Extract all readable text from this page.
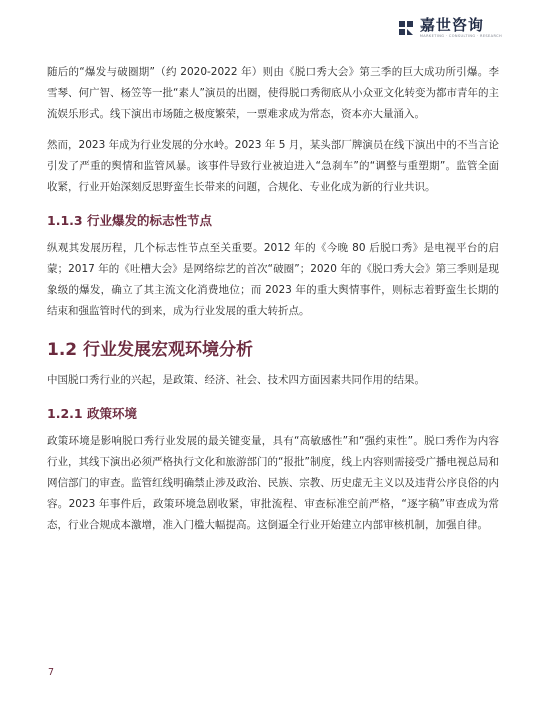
嘉世咨询
MARKETING · CONSULTING · RESEARCH

随后的“爆发与破圈期”（约 2020-2022 年）则由《脱口秀大会》第三季的巨大成功所引爆。李雪琴、何广智、杨笠等一批“素人”演员的出圈，使得脱口秀彻底从小众亚文化转变为都市青年的主流娱乐形式。线下演出市场随之极度繁荣，一票难求成为常态，资本亦大量涌入。

然而，2023 年成为行业发展的分水岭。2023 年 5 月，某头部厂牌演员在线下演出中的不当言论引发了严重的舆情和监管风暴。该事件导致行业被迫进入“急刹车”的“调整与重塑期”。监管全面收紧，行业开始深刻反思野蛮生长带来的问题，合规化、专业化成为新的行业共识。

1.1.3 行业爆发的标志性节点

纵观其发展历程，几个标志性节点至关重要。2012 年的《今晚 80 后脱口秀》是电视平台的启蒙；2017 年的《吐槽大会》是网络综艺的首次“破圈”；2020 年的《脱口秀大会》第三季则是现象级的爆发，确立了其主流文化消费地位；而 2023 年的重大舆情事件，则标志着野蛮生长期的结束和强监管时代的到来，成为行业发展的重大转折点。

1.2 行业发展宏观环境分析

中国脱口秀行业的兴起，是政策、经济、社会、技术四方面因素共同作用的结果。

1.2.1 政策环境

政策环境是影响脱口秀行业发展的最关键变量，具有“高敏感性”和“强约束性”。脱口秀作为内容行业，其线下演出必须严格执行文化和旅游部门的“报批”制度，线上内容则需接受广播电视总局和网信部门的审查。监管红线明确禁止涉及政治、民族、宗教、历史虚无主义以及违背公序良俗的内容。2023 年事件后，政策环境急剧收紧，审批流程、审查标准空前严格，“逐字稿”审查成为常态，行业合规成本激增，准入门槛大幅提高。这倒逼全行业开始建立内部审核机制，加强自律。

7
